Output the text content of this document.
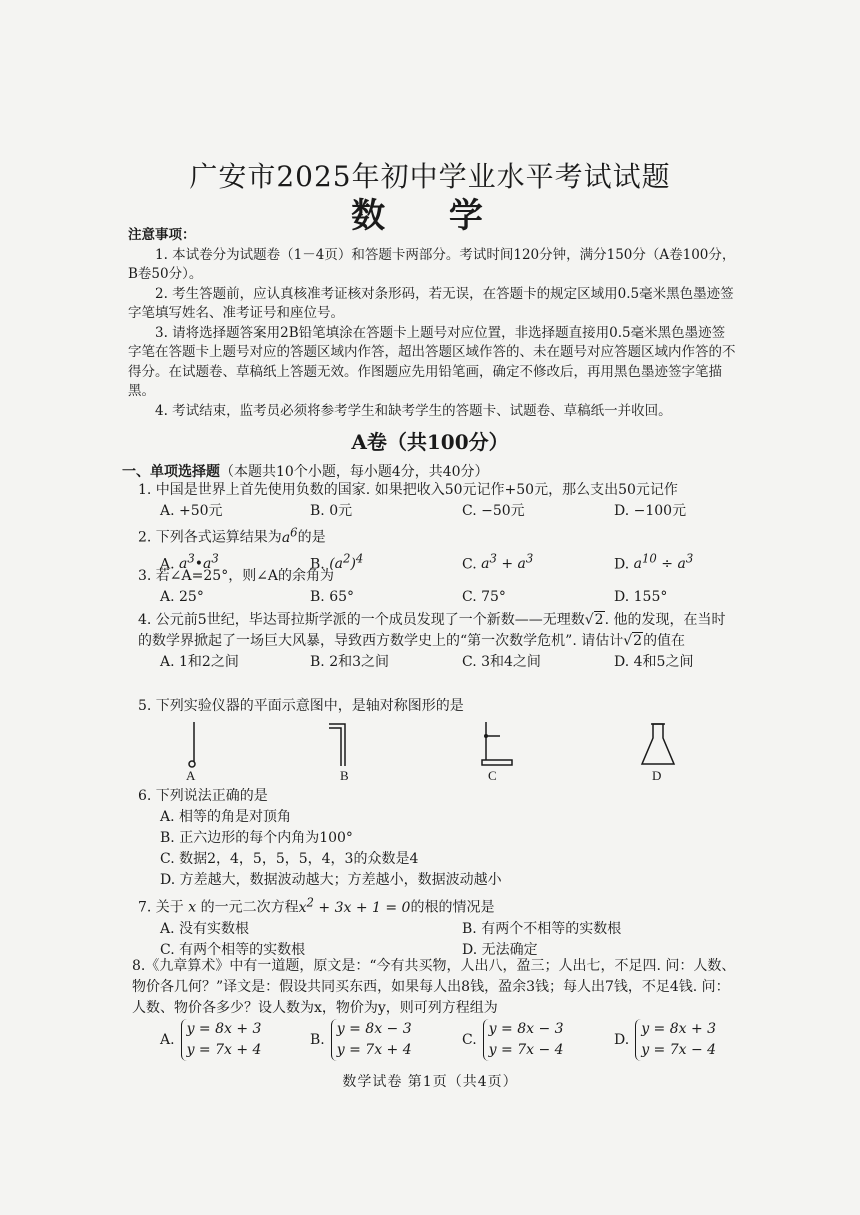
广安市2025年初中学业水平考试试题
数 学
注意事项：

1. 本试卷分为试题卷（1－4页）和答题卡两部分。考试时间120分钟，满分150分（A卷100分，B卷50分）。

2. 考生答题前，应认真核准考证核对条形码，若无误，在答题卡的规定区域用0.5毫米黑色墨迹签字笔填写姓名、准考证号和座位号。

3. 请将选择题答案用2B铅笔填涂在答题卡上题号对应位置，非选择题直接用0.5毫米黑色墨迹签字笔在答题卡上题号对应的答题区域内作答，超出答题区域作答的、未在题号对应答题区域内作答的不得分。在试题卷、草稿纸上答题无效。作图题应先用铅笔画，确定不修改后，再用黑色墨迹签字笔描黑。

4. 考试结束，监考员必须将参考学生和缺考学生的答题卡、试题卷、草稿纸一并收回。

A卷（共100分）
一、单项选择题（本题共10个小题，每小题4分，共40分）
1. 中国是世界上首先使用负数的国家. 如果把收入50元记作+50元，那么支出50元记作
A. +50元	B. 0元	C. −50元	D. −100元
2. 下列各式运算结果为$a^6$的是
A. $a^3•a^3$	B. $(a^2)^4$	C. $a^3 + a^3$	D. $a^{10} \div a^3$
3. 若∠A=25°，则∠A的余角为
A. 25°	B. 65°	C. 75°	D. 155°
4. 公元前5世纪，毕达哥拉斯学派的一个成员发现了一个新数——无理数√2. 他的发现，在当时的数学界掀起了一场巨大风暴，导致西方数学史上的“第一次数学危机”. 请估计√2的值在
A. 1和2之间	B. 2和3之间	C. 3和4之间	D. 4和5之间
5. 下列实验仪器的平面示意图中，是轴对称图形的是
A	B	C	D
6. 下列说法正确的是
A. 相等的角是对顶角
B. 正六边形的每个内角为100°
C. 数据2，4，5，5，5，4，3的众数是4
D. 方差越大，数据波动越大；方差越小，数据波动越小
7. 关于 x 的一元二次方程$x^2 + 3x + 1 = 0$的根的情况是
A. 没有实数根	B. 有两个不相等的实数根
C. 有两个相等的实数根	D. 无法确定
8.《九章算术》中有一道题，原文是：“今有共买物，人出八，盈三；人出七，不足四. 问：人数、物价各几何？”译文是：假设共同买东西，如果每人出8钱，盈余3钱；每人出7钱，不足4钱. 问：人数、物价各多少？设人数为x，物价为y，则可列方程组为
A.
y = 8x + 3
y = 7x + 4
B.
y = 8x − 3
y = 7x + 4
C.
y = 8x − 3
y = 7x − 4
D.
y = 8x + 3
y = 7x − 4
数学试卷 第1页（共4页）
